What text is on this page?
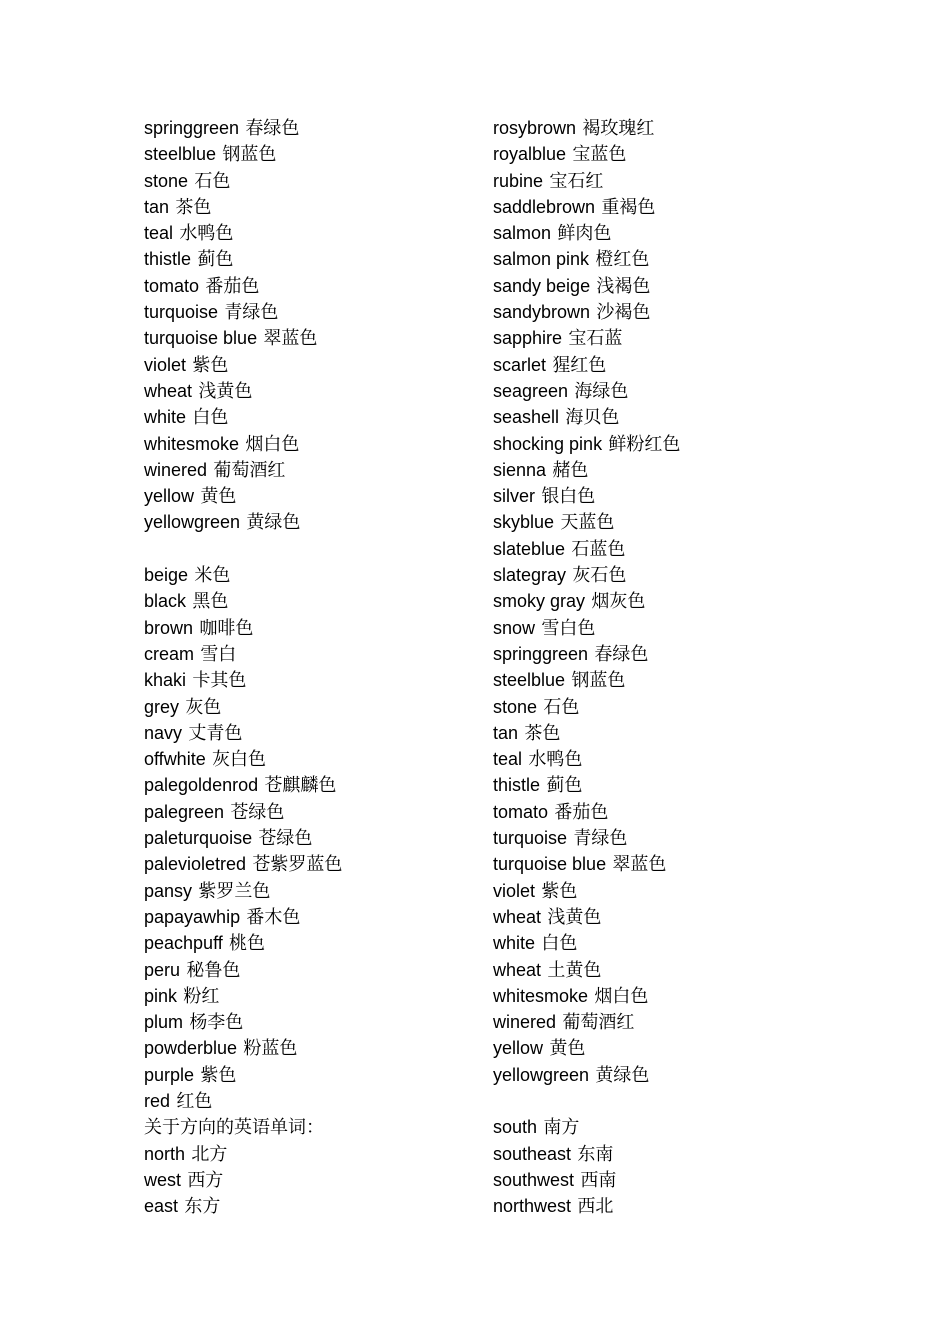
springgreen 春绿色
steelblue 钢蓝色
stone 石色
tan 茶色
teal 水鸭色
thistle 蓟色
tomato 番茄色
turquoise 青绿色
turquoise blue 翠蓝色
violet 紫色
wheat 浅黄色
white 白色
whitesmoke 烟白色
winered 葡萄酒红
yellow 黄色
yellowgreen 黄绿色
beige 米色
black 黑色
brown 咖啡色
cream 雪白
khaki 卡其色
grey 灰色
navy 丈青色
offwhite 灰白色
palegoldenrod 苍麒麟色
palegreen 苍绿色
paleturquoise 苍绿色
palevioletred 苍紫罗蓝色
pansy 紫罗兰色
papayawhip 番木色
peachpuff 桃色
peru 秘鲁色
pink 粉红
plum 杨李色
powderblue 粉蓝色
purple 紫色
red 红色
关于方向的英语单词：
north 北方
west 西方
east 东方
rosybrown 褐玫瑰红
royalblue 宝蓝色
rubine 宝石红
saddlebrown 重褐色
salmon 鲜肉色
salmon pink 橙红色
sandy beige 浅褐色
sandybrown 沙褐色
sapphire 宝石蓝
scarlet 猩红色
seagreen 海绿色
seashell 海贝色
shocking pink 鲜粉红色
sienna 赭色
silver 银白色
skyblue 天蓝色
slateblue 石蓝色
slategray 灰石色
smoky gray 烟灰色
snow 雪白色
springgreen 春绿色
steelblue 钢蓝色
stone 石色
tan 茶色
teal 水鸭色
thistle 蓟色
tomato 番茄色
turquoise 青绿色
turquoise blue 翠蓝色
violet 紫色
wheat 浅黄色
white 白色
wheat 土黄色
whitesmoke 烟白色
winered 葡萄酒红
yellow 黄色
yellowgreen 黄绿色
south 南方
southeast 东南
southwest 西南
northwest 西北
